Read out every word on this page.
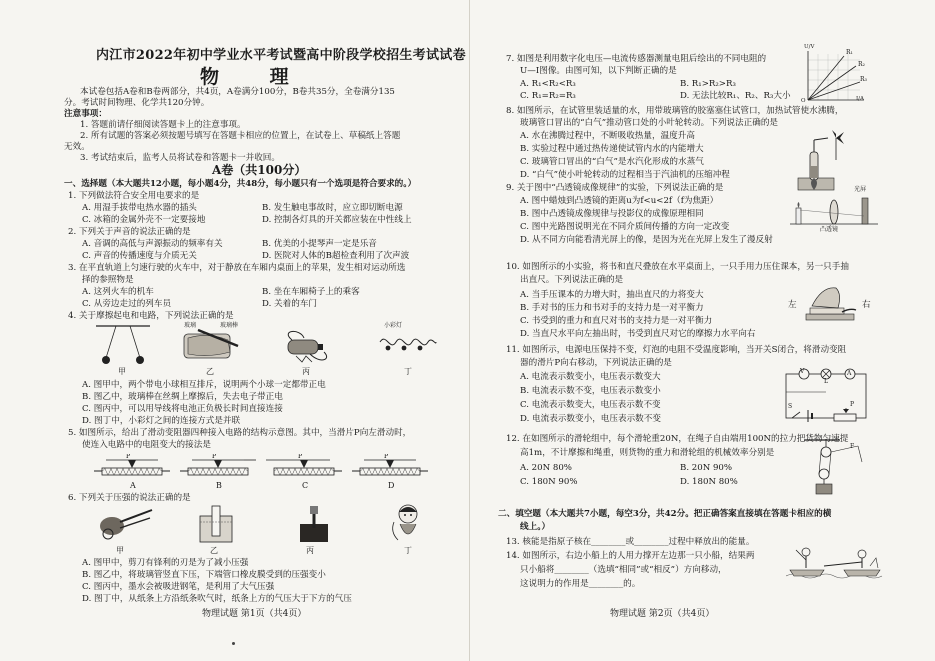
内江市2022年初中学业水平考试暨高中阶段学校招生考试试卷
物 理
本试卷包括A卷和B卷两部分，共4页，A卷满分100分，B卷共35分，全卷满分135
分。考试时间物理、化学共120分钟。
注意事项：
1. 答题前请仔细阅读答题卡上的注意事项。
2. 所有试题的答案必须按题号填写在答题卡相应的位置上，在试卷上、草稿纸上答题
无效。
3. 考试结束后，监考人员将试卷和答题卡一并收回。
A卷（共100分）
一、选择题（本大题共12小题，每小题4分，共48分，每小题只有一个选项是符合要求的。）
1. 下列做法符合安全用电要求的是
A. 用湿手拔带电热水器的插头	B. 发生触电事故时，应立即切断电源
C. 冰箱的金属外壳不一定要接地	D. 控制各灯具的开关都应装在中性线上
2. 下列关于声音的说法正确的是
A. 音调的高低与声源振动的频率有关	B. 优美的小提琴声一定是乐音
C. 声音的传播速度与介质无关	D. 医院对人体的B超检查利用了次声波
3. 在平直轨道上匀速行驶的火车中，对于静放在车厢内桌面上的苹果，发生相对运动所选
择的参照物是
A. 这列火车的机车	B. 坐在车厢椅子上的乘客
C. 从旁边走过的列车员	D. 关着的车门
4. 关于摩擦起电和电路，下列说法正确的是
玻璃	玻璃棒	小彩灯
甲	乙	丙	丁
A. 图甲中，两个带电小球相互排斥，说明两个小球一定都带正电
B. 图乙中，玻璃棒在丝绸上摩擦后，失去电子带正电
C. 图丙中，可以用导线将电池正负极长时间直接连接
D. 图丁中，小彩灯之间的连接方式是并联
5. 如图所示，给出了滑动变阻器四种接入电路的结构示意图。其中，当滑片P向左滑动时，
使连入电路中的电阻变大的接法是
P	P	P	P
A	B	C	D
6. 下列关于压强的说法正确的是
甲	乙	丙	丁
A. 图甲中，剪刀有锋利的刃是为了减小压强
B. 图乙中，将玻璃管竖直下压，下端管口橡皮膜受到的压强变小
C. 图丙中，墨水会被吸进钢笔，是利用了大气压强
D. 图丁中，从纸条上方沿纸条吹气时，纸条上方的气压大于下方的气压
物理试题 第1页（共4页）
7. 如图是利用数字化电压—电流传感器测量电阻后绘出的不同电阻的
U—I图像。由图可知，以下判断正确的是
A. R₁<R₂<R₃	B. R₁>R₂>R₃
C. R₁=R₂=R₃	D. 无法比较R₁、R₂、R₃大小
U/V
I/A
R₁
R₂
R₃
O
8. 如图所示，在试管里装适量的水，用带玻璃管的胶塞塞住试管口，加热试管使水沸腾，
玻璃管口冒出的“白气”推动管口处的小叶轮转动。下列说法正确的是
A. 水在沸腾过程中，不断吸收热量，温度升高
B. 实验过程中通过热传递使试管内水的内能增大
C. 玻璃管口冒出的“白气”是水汽化形成的水蒸气
D. “白气”使小叶轮转动的过程相当于汽油机的压缩冲程
9. 关于图中“凸透镜成像规律”的实验，下列说法正确的是
A. 图中蜡烛到凸透镜的距离u为f<u<2f（f为焦距）
B. 图中凸透镜成像规律与投影仪的成像原理相同
C. 图中光路图说明光在不同介质间传播的方向一定改变
D. 从不同方向能看清光屏上的像，是因为光在光屏上发生了漫反射
光屏
凸透镜
10. 如图所示的小实验，将书和直尺叠放在水平桌面上，一只手用力压住课本，另一只手抽
出直尺。下列说法正确的是
A. 当手压课本的力增大时，抽出直尺的力将变大
B. 手对书的压力和书对手的支持力是一对平衡力
C. 书受到的重力和直尺对书的支持力是一对平衡力
D. 当直尺水平向左抽出时，书受到直尺对它的摩擦力水平向右
左	右
11. 如图所示，电源电压保持不变，灯泡的电阻不受温度影响，当开关S闭合，将滑动变阻
器的滑片P向右移动，下列说法正确的是
A. 电流表示数变小，电压表示数变大
B. 电流表示数不变，电压表示数变小
C. 电流表示数变大，电压表示数不变
D. 电流表示数变小，电压表示数不变
V
L
A
S	P
12. 在如图所示的滑轮组中，每个滑轮重20N，在绳子自由端用100N的拉力把货物匀速提
高1m，不计摩擦和绳重，则货物的重力和滑轮组的机械效率分别是
A. 20N 80%	B. 20N 90%
C. 180N 90%	D. 180N 80%
F
二、填空题（本大题共7小题，每空3分，共42分。把正确答案直接填在答题卡相应的横
线上。）
13. 核能是指原子核在________或________过程中释放出的能量。
14. 如图所示，右边小船上的人用力撑开左边那一只小船，结果两
只小船将________（选填“相同”或“相反”）方向移动，
这说明力的作用是________的。
物理试题 第2页（共4页）
